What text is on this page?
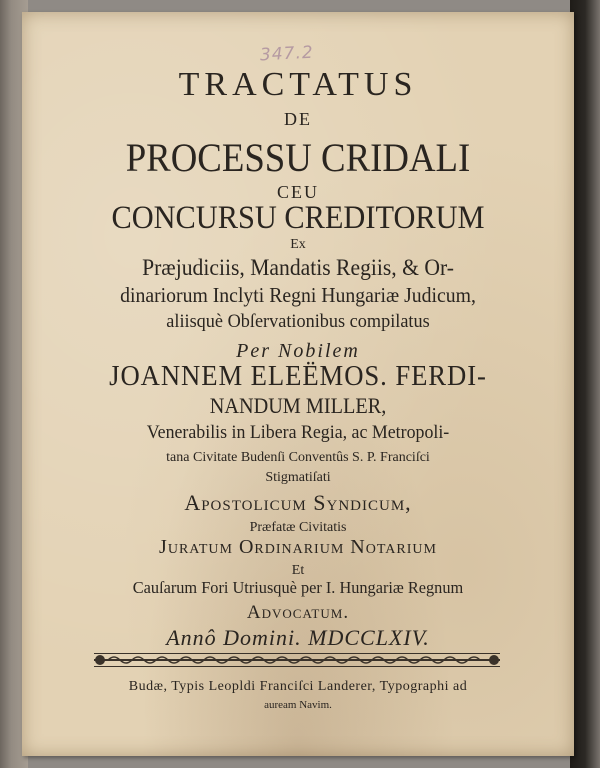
347.2

TRACTATUS

DE

PROCESSU CRIDALI

CEU

CONCURSU CREDITORUM

Ex

Præjudiciis, Mandatis Regiis, & Or-

dinariorum Inclyti Regni Hungariæ Judicum,

aliisquè Obſervationibus compilatus

Per Nobilem

JOANNEM ELEËMOS. FERDI-

NANDUM MILLER,

Venerabilis in Libera Regia, ac Metropoli-

tana Civitate Budenſi Conventûs S. P. Franciſci

Stigmatiſati

Apostolicum Syndicum,

Præfatæ Civitatis

Juratum Ordinarium Notarium

Et

Cauſarum Fori Utriusquè per I. Hungariæ Regnum

Advocatum.

Annô Domini. MDCCLXIV.

Budæ, Typis Leopldi Franciſci Landerer, Typographi ad

auream Navim.
